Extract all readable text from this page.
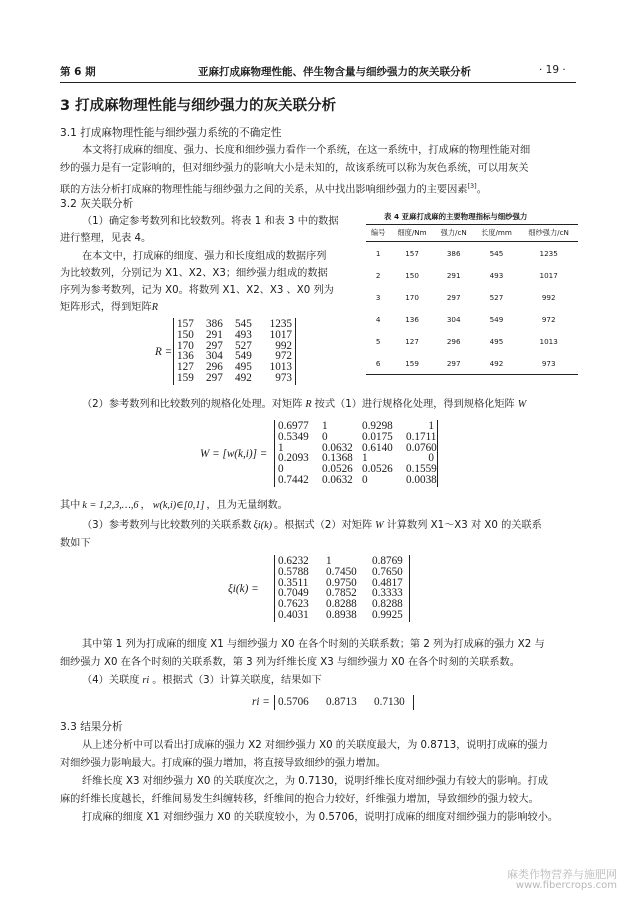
第 6 期	亚麻打成麻物理性能、伴生物含量与细纱强力的灰关联分析	· 19 ·
3 打成麻物理性能与细纱强力的灰关联分析
3.1 打成麻物理性能与细纱强力系统的不确定性
本文将打成麻的细度、强力、长度和细纱强力看作一个系统，在这一系统中，打成麻的物理性能对细
纱的强力是有一定影响的，但对细纱强力的影响大小是未知的，故该系统可以称为灰色系统，可以用灰关
联的方法分析打成麻的物理性能与细纱强力之间的关系，从中找出影响细纱强力的主要因素[3]。
3.2 灰关联分析
（1）确定参考数列和比较数列。将表 1 和表 3 中的数据
进行整理，见表 4。
在本文中，打成麻的细度、强力和长度组成的数据序列
为比较数列，分别记为 X1、X2、X3；细纱强力组成的数据
序列为参考数列，记为 X0。将数列 X1、X2、X3 、X0 列为
矩阵形式，得到矩阵R
表 4 亚麻打成麻的主要物理指标与细纱强力
编号	细度/Nm	强力/cN	长度/mm	细纱强力/cN
1	157	386	545	1235
2	150	291	493	1017
3	170	297	527	992
4	136	304	549	972
5	127	296	495	1013
6	159	297	492	973
R =
157	386	545	1235
150	291	493	1017
170	297	527	992
136	304	549	972
127	296	495	1013
159	297	492	973
（2）参考数列和比较数列的规格化处理。对矩阵 R 按式（1）进行规格化处理，得到规格化矩阵 W
W = [w(k,i)] =
0.6977	1	0.9298	1
0.5349	0	0.0175	0.1711
1	0.0632 0.6140	0.0760
0.2093	0.1368 1	0
0	0.0526 0.0526	0.1559
0.7442	0.0632 0	0.0038
其中 k = 1,2,3,…,6 ， w(k,i)∈[0,1] ，且为无量纲数。
（3）参考数列与比较数列的关联系数 ξi(k) 。根据式（2）对矩阵 W 计算数列 X1～X3 对 X0 的关联系
数如下
ξi(k) =
0.6232	1	0.8769
0.5788	0.7450	0.7650
0.3511	0.9750	0.4817
0.7049	0.7852	0.3333
0.7623	0.8288	0.8288
0.4031	0.8938	0.9925
其中第 1 列为打成麻的细度 X1 与细纱强力 X0 在各个时刻的关联系数；第 2 列为打成麻的强力 X2 与
细纱强力 X0 在各个时刻的关联系数，第 3 列为纤维长度 X3 与细纱强力 X0 在各个时刻的关联系数。
（4）关联度 ri 。根据式（3）计算关联度，结果如下
ri = 0.5706 0.8713 0.7130
3.3 结果分析
从上述分析中可以看出打成麻的强力 X2 对细纱强力 X0 的关联度最大，为 0.8713，说明打成麻的强力
对细纱强力影响最大。打成麻的强力增加，将直接导致细纱的强力增加。
纤维长度 X3 对细纱强力 X0 的关联度次之，为 0.7130，说明纤维长度对细纱强力有较大的影响。打成
麻的纤维长度越长，纤维间易发生纠缠转移，纤维间的抱合力较好，纤维强力增加，导致细纱的强力较大。
打成麻的细度 X1 对细纱强力 X0 的关联度较小，为 0.5706，说明打成麻的细度对细纱强力的影响较小。
麻类作物营养与施肥网
www.fibercrops.com
